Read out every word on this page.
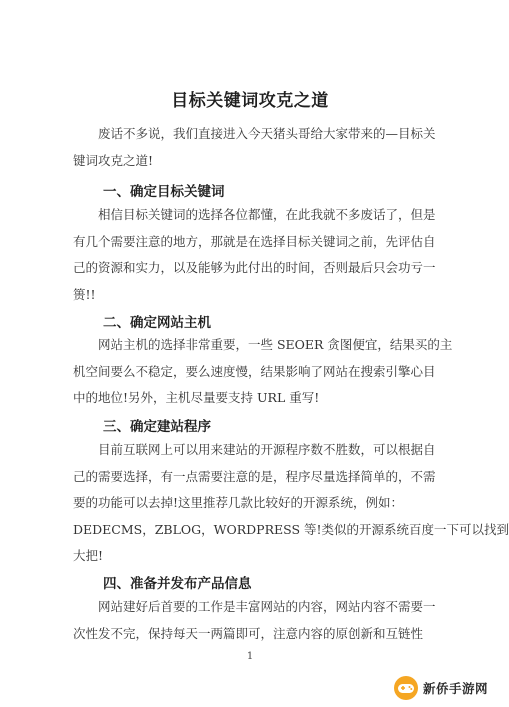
目标关键词攻克之道
废话不多说，我们直接进入今天猪头哥给大家带来的—目标关
键词攻克之道!
一、确定目标关键词
相信目标关键词的选择各位都懂，在此我就不多废话了，但是
有几个需要注意的地方，那就是在选择目标关键词之前，先评估自
己的资源和实力，以及能够为此付出的时间，否则最后只会功亏一
篑!!
二、确定网站主机
网站主机的选择非常重要，一些 SEOER 贪图便宜，结果买的主
机空间要么不稳定，要么速度慢，结果影响了网站在搜索引擎心目
中的地位!另外，主机尽量要支持 URL 重写!
三、确定建站程序
目前互联网上可以用来建站的开源程序数不胜数，可以根据自
己的需要选择，有一点需要注意的是，程序尽量选择简单的，不需
要的功能可以去掉!这里推荐几款比较好的开源系统，例如：
DEDECMS，ZBLOG，WORDPRESS 等!类似的开源系统百度一下可以找到
大把!
四、准备并发布产品信息
网站建好后首要的工作是丰富网站的内容，网站内容不需要一
次性发不完，保持每天一两篇即可，注意内容的原创新和互链性
1
新侨手游网
